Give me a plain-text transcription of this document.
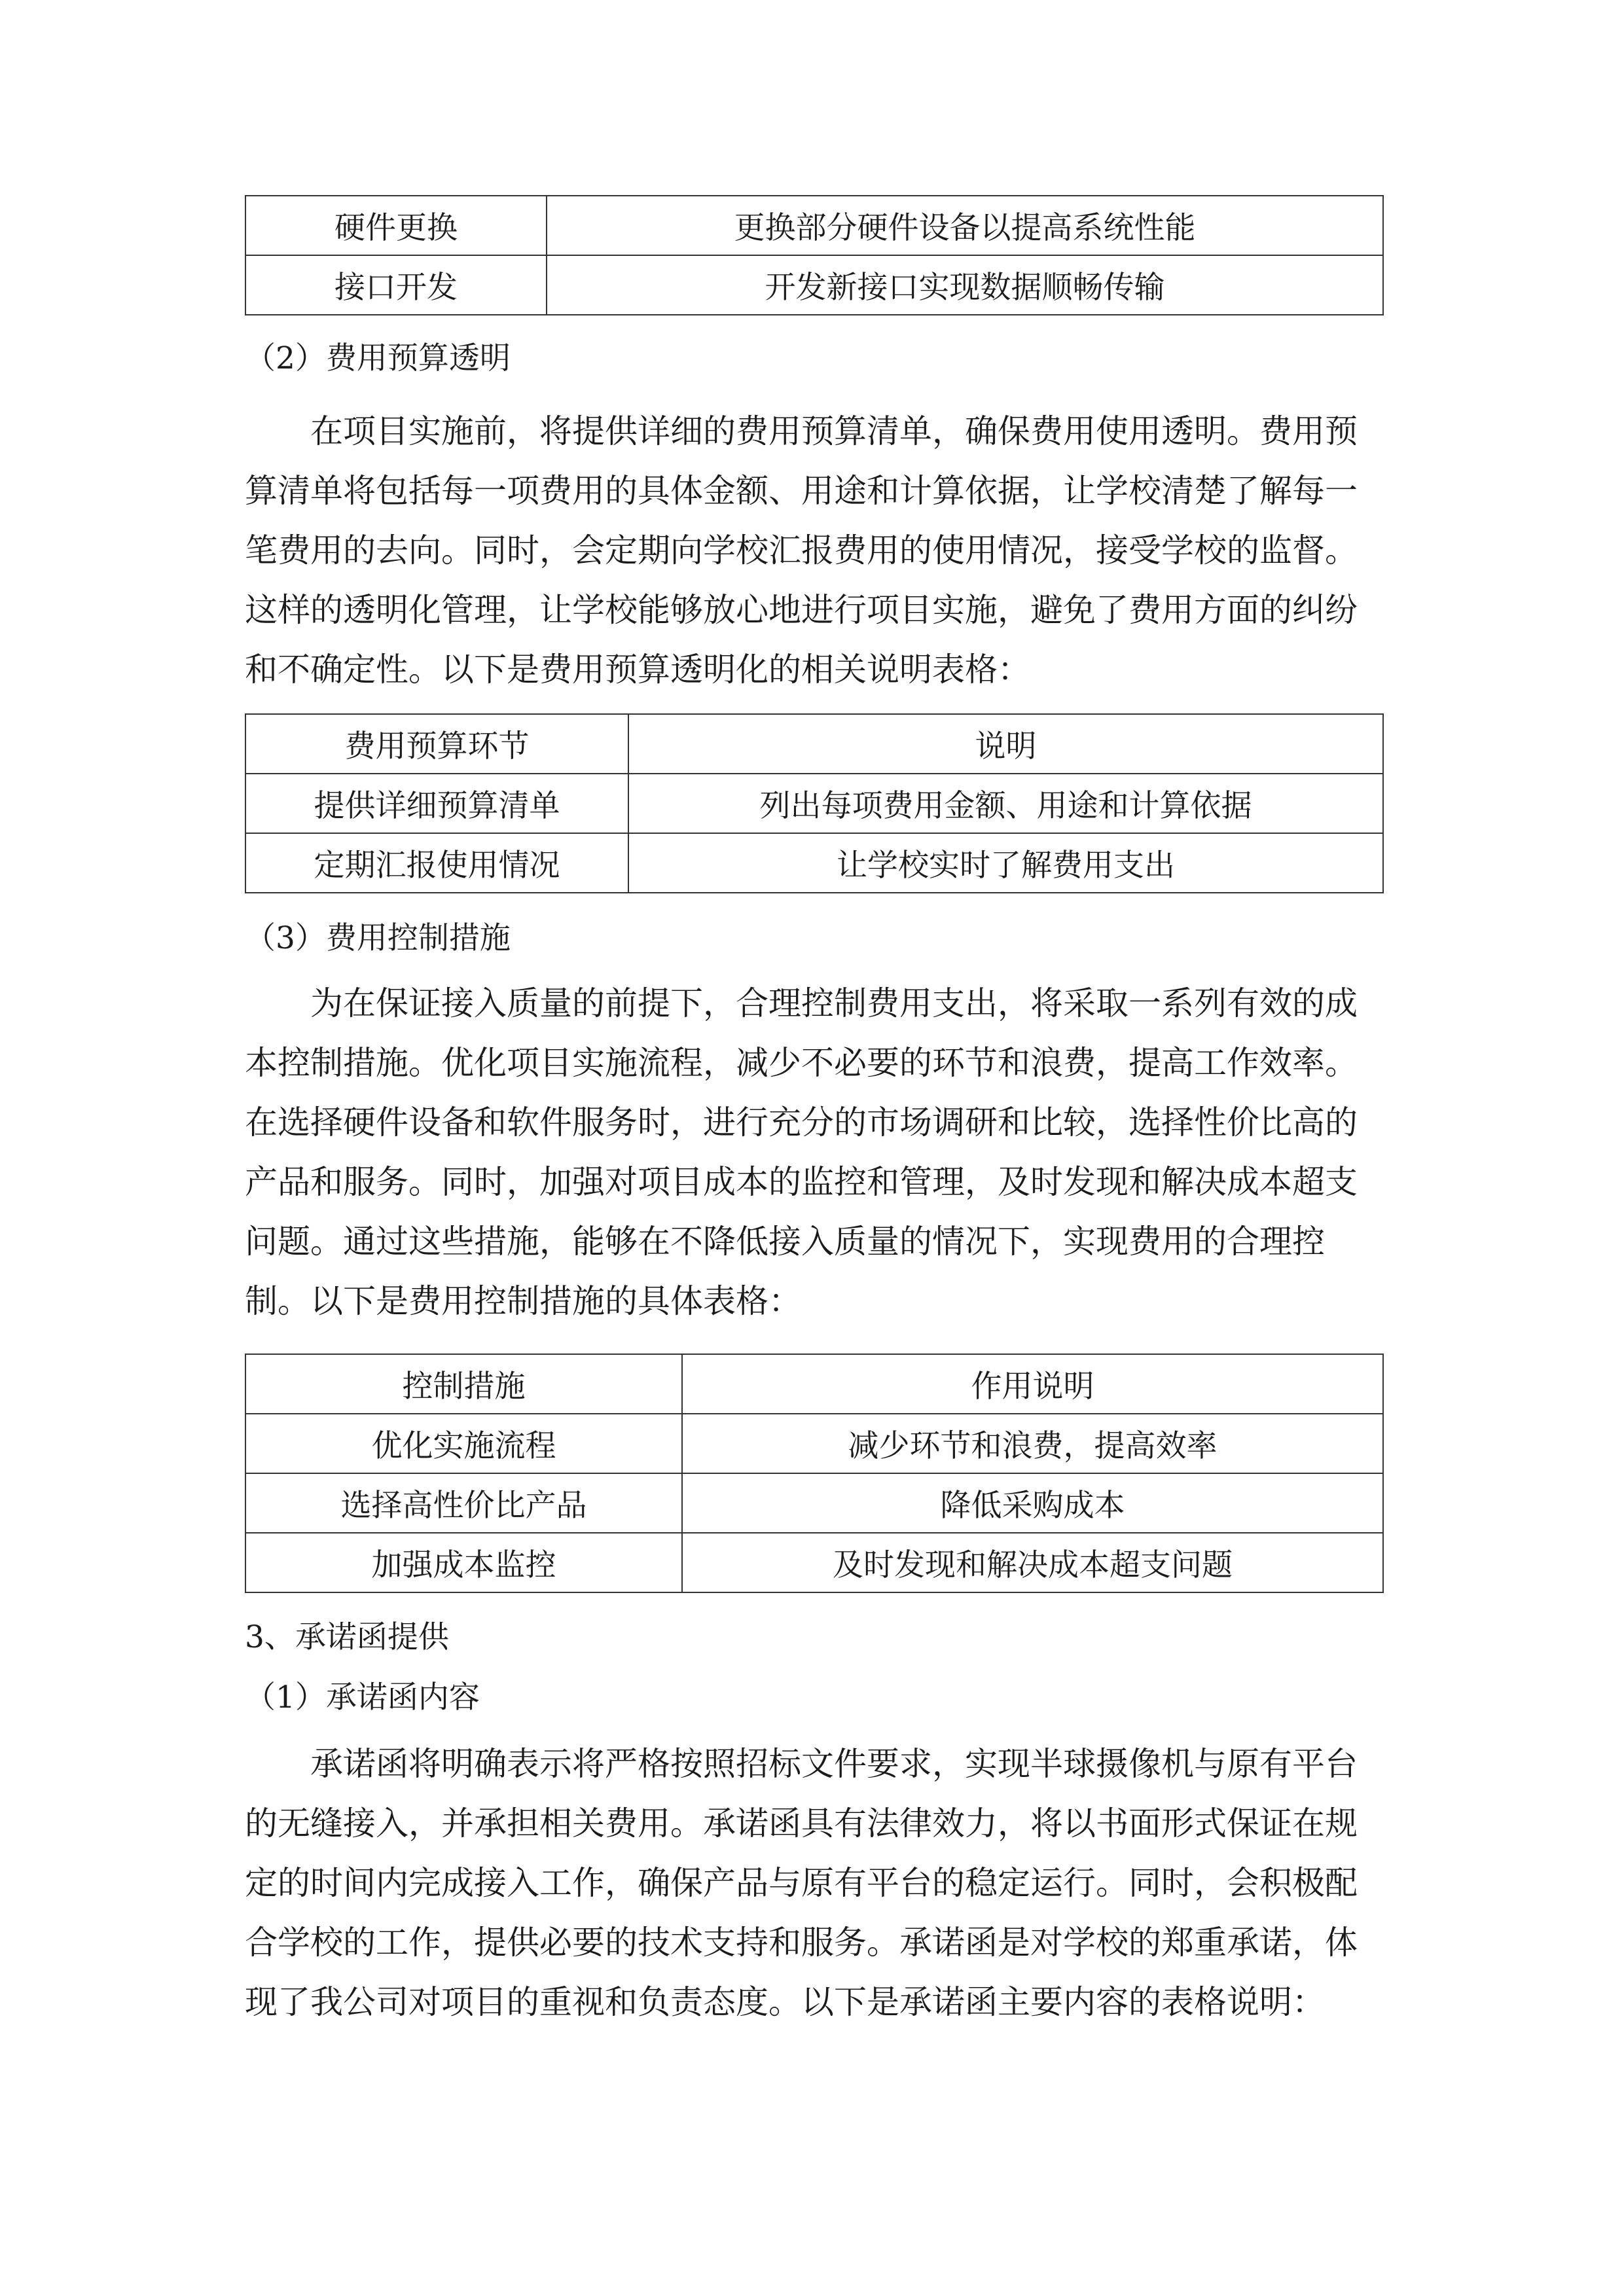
硬件更换	更换部分硬件设备以提高系统性能
接口开发	开发新接口实现数据顺畅传输
（2）费用预算透明
在项目实施前，将提供详细的费用预算清单，确保费用使用透明。费用预
算清单将包括每一项费用的具体金额、用途和计算依据，让学校清楚了解每一
笔费用的去向。同时，会定期向学校汇报费用的使用情况，接受学校的监督。
这样的透明化管理，让学校能够放心地进行项目实施，避免了费用方面的纠纷
和不确定性。以下是费用预算透明化的相关说明表格：
费用预算环节	说明
提供详细预算清单	列出每项费用金额、用途和计算依据
定期汇报使用情况	让学校实时了解费用支出
（3）费用控制措施
为在保证接入质量的前提下，合理控制费用支出，将采取一系列有效的成
本控制措施。优化项目实施流程，减少不必要的环节和浪费，提高工作效率。
在选择硬件设备和软件服务时，进行充分的市场调研和比较，选择性价比高的
产品和服务。同时，加强对项目成本的监控和管理，及时发现和解决成本超支
问题。通过这些措施，能够在不降低接入质量的情况下，实现费用的合理控
制。以下是费用控制措施的具体表格：
控制措施	作用说明
优化实施流程	减少环节和浪费，提高效率
选择高性价比产品	降低采购成本
加强成本监控	及时发现和解决成本超支问题
3、承诺函提供
（1）承诺函内容
承诺函将明确表示将严格按照招标文件要求，实现半球摄像机与原有平台
的无缝接入，并承担相关费用。承诺函具有法律效力，将以书面形式保证在规
定的时间内完成接入工作，确保产品与原有平台的稳定运行。同时，会积极配
合学校的工作，提供必要的技术支持和服务。承诺函是对学校的郑重承诺，体
现了我公司对项目的重视和负责态度。以下是承诺函主要内容的表格说明：
